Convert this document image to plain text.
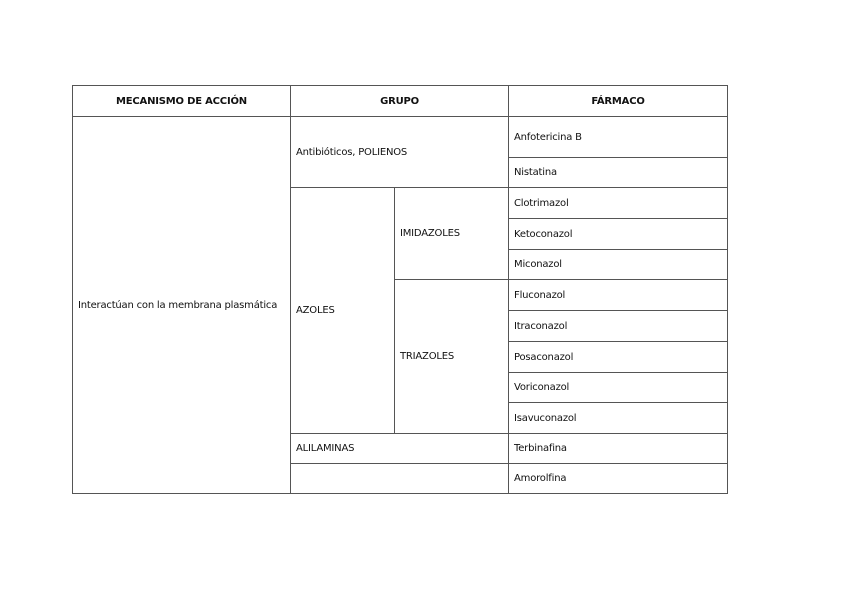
MECANISMO DE ACCIÓN	GRUPO		FÁRMACO
Interactúan con la membrana plasmática	Antibióticos, POLIENOS		Anfotericina B
			Nistatina
	AZOLES	IMIDAZOLES	Clotrimazol
			Ketoconazol
			Miconazol
		TRIAZOLES	Fluconazol
			Itraconazol
			Posaconazol
			Voriconazol
			Isavuconazol
	ALILAMINAS		Terbinafina
			Amorolfina
